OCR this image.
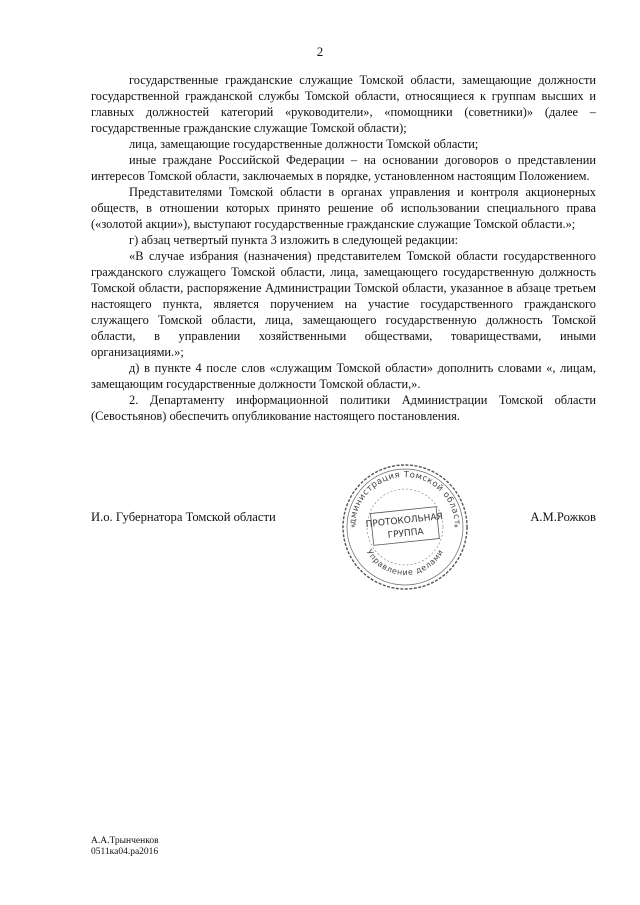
2

государственные гражданские служащие Томской области, замещающие должности государственной гражданской службы Томской области, относящиеся к группам высших и главных должностей категорий «руководители», «помощники (советники)» (далее – государственные гражданские служащие Томской области);

лица, замещающие государственные должности Томской области;

иные граждане Российской Федерации – на основании договоров о представлении интересов Томской области, заключаемых в порядке, установленном настоящим Положением.

Представителями Томской области в органах управления и контроля акционерных обществ, в отношении которых принято решение об использовании специального права («золотой акции»), выступают государственные гражданские служащие Томской области.»;

г) абзац четвертый пункта 3 изложить в следующей редакции:

«В случае избрания (назначения) представителем Томской области государственного гражданского служащего Томской области, лица, замещающего государственную должность Томской области, распоряжение Администрации Томской области, указанное в абзаце третьем настоящего пункта, является поручением на участие государственного гражданского служащего Томской области, лица, замещающего государственную должность Томской области, в управлении хозяйственными обществами, товариществами, иными организациями.»;

д) в пункте 4 после слов «служащим Томской области» дополнить словами «, лицам, замещающим государственные должности Томской области,».

2. Департаменту информационной политики Администрации Томской области (Севостьянов) обеспечить опубликование настоящего постановления.

И.о. Губернатора Томской области	А.М.Рожков
дминистрация Томской област
Управление делами
ПРОТОКОЛЬНАЯ
ГРУППА
*	*
А.А.Трынченков
0511ка04.ра2016
